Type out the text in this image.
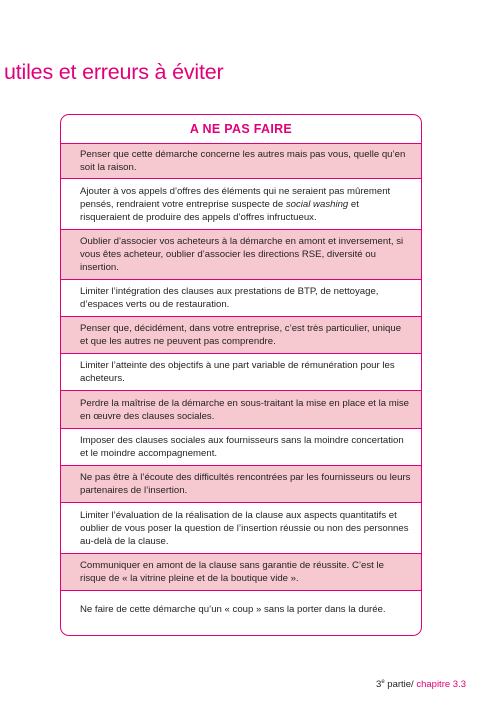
utiles et erreurs à éviter
A NE PAS FAIRE
Penser que cette démarche concerne les autres mais pas vous, quelle qu’en soit la raison.
Ajouter à vos appels d’offres des éléments qui ne seraient pas mûrement pensés, rendraient votre entreprise suspecte de social washing et risqueraient de produire des appels d’offres infructueux.
Oublier d’associer vos acheteurs à la démarche en amont et inversement, si vous êtes acheteur, oublier d’associer les directions RSE, diversité ou insertion.
Limiter l’intégration des clauses aux prestations de BTP, de nettoyage, d’espaces verts ou de restauration.
Penser que, décidément, dans votre entreprise, c’est très particulier, unique et que les autres ne peuvent pas comprendre.
Limiter l’atteinte des objectifs à une part variable de rémunération pour les acheteurs.
Perdre la maîtrise de la démarche en sous-traitant la mise en place et la mise en œuvre des clauses sociales.
Imposer des clauses sociales aux fournisseurs sans la moindre concertation et le moindre accompagnement.
Ne pas être à l’écoute des difficultés rencontrées par les fournisseurs ou leurs partenaires de l’insertion.
Limiter l’évaluation de la réalisation de la clause aux aspects quantitatifs et oublier de vous poser la question de l’insertion réussie ou non des personnes au-delà de la clause.
Communiquer en amont de la clause sans garantie de réussite. C’est le risque de « la vitrine pleine et de la boutique vide ».
Ne faire de cette démarche qu’un « coup » sans la porter dans la durée.
3e partie/ chapitre 3.3
